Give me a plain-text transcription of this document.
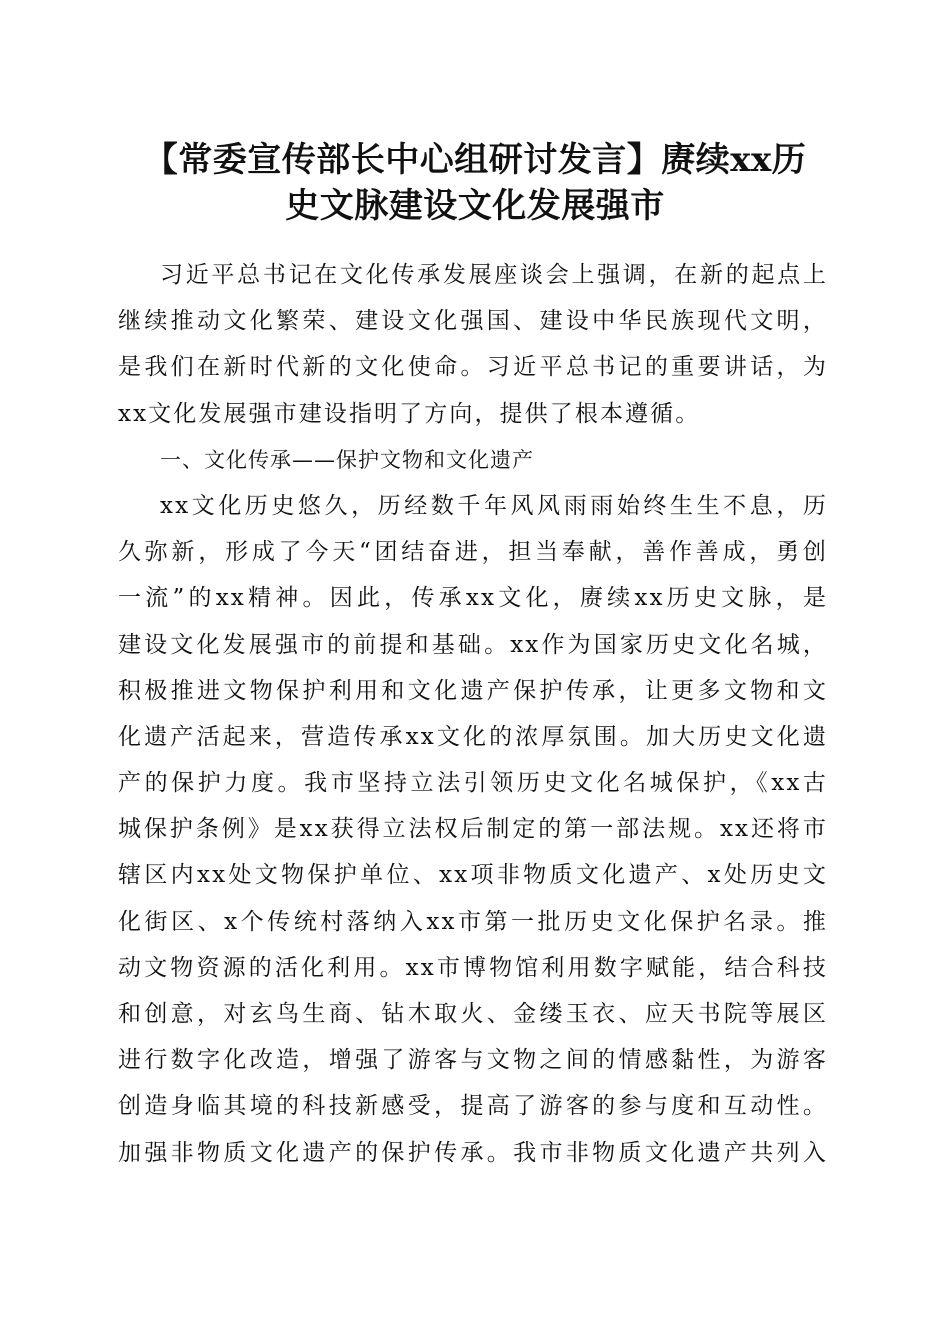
【常委宣传部长中心组研讨发言】赓续xx历
史文脉建设文化发展强市
习近平总书记在文化传承发展座谈会上强调，在新的起点上
继续推动文化繁荣、建设文化强国、建设中华民族现代文明，
是我们在新时代新的文化使命。习近平总书记的重要讲话，为
xx文化发展强市建设指明了方向，提供了根本遵循。
一、文化传承——保护文物和文化遗产
xx文化历史悠久，历经数千年风风雨雨始终生生不息，历
久弥新，形成了今天“团结奋进，担当奉献，善作善成，勇创
一流”的xx精神。因此，传承xx文化，赓续xx历史文脉，是
建设文化发展强市的前提和基础。xx作为国家历史文化名城，
积极推进文物保护利用和文化遗产保护传承，让更多文物和文
化遗产活起来，营造传承xx文化的浓厚氛围。加大历史文化遗
产的保护力度。我市坚持立法引领历史文化名城保护，《xx古
城保护条例》是xx获得立法权后制定的第一部法规。xx还将市
辖区内xx处文物保护单位、xx项非物质文化遗产、x处历史文
化街区、x个传统村落纳入xx市第一批历史文化保护名录。推
动文物资源的活化利用。xx市博物馆利用数字赋能，结合科技
和创意，对玄鸟生商、钻木取火、金缕玉衣、应天书院等展区
进行数字化改造，增强了游客与文物之间的情感黏性，为游客
创造身临其境的科技新感受，提高了游客的参与度和互动性。
加强非物质文化遗产的保护传承。我市非物质文化遗产共列入
